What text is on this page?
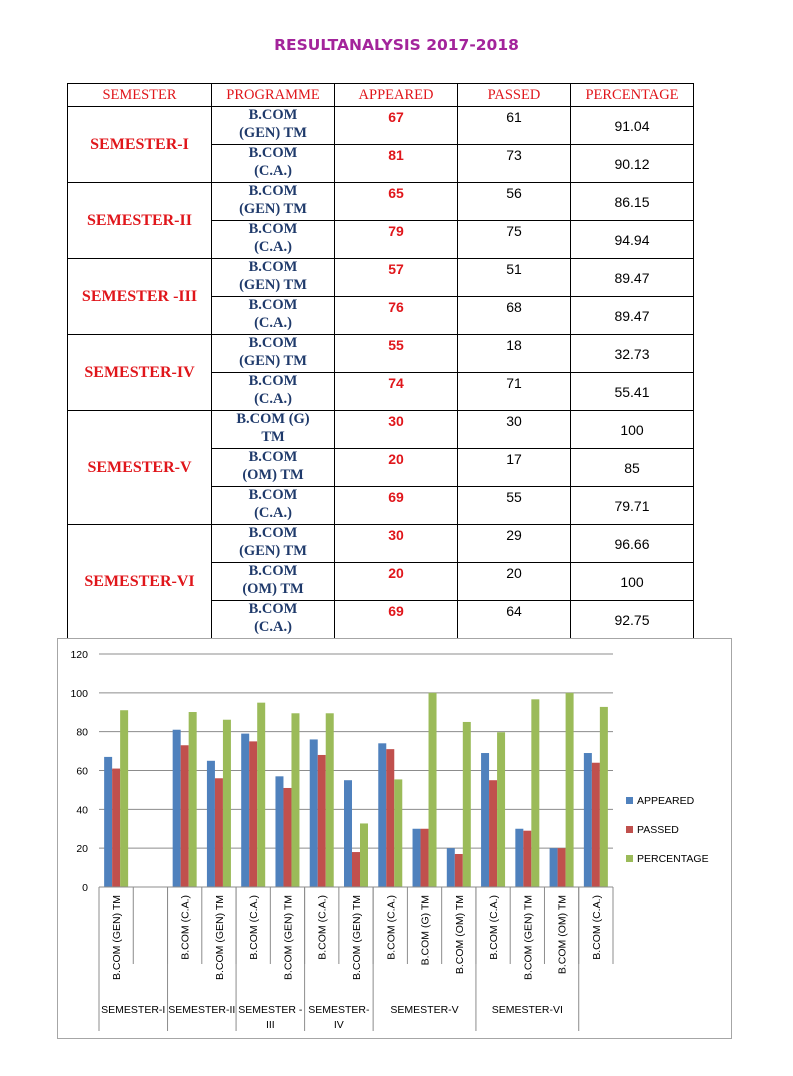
RESULTANALYSIS 2017-2018
SEMESTER	PROGRAMME	APPEARED	PASSED	PERCENTAGE
SEMESTER-I	B.COM
(GEN) TM	67	61	91.04

	B.COM
(C.A.)	81	73	90.12
SEMESTER-II	B.COM
(GEN) TM	65	56	86.15

	B.COM
(C.A.)	79	75	94.94
SEMESTER -III	B.COM
(GEN) TM	57	51	89.47

	B.COM
(C.A.)	76	68	89.47
SEMESTER-IV	B.COM
(GEN) TM	55	18	32.73

	B.COM
(C.A.)	74	71	55.41
SEMESTER-V	B.COM (G)
TM	30	30	100

	B.COM
(OM) TM	20	17	85

	B.COM
(C.A.)	69	55	79.71
SEMESTER-VI	B.COM
(GEN) TM	30	29	96.66

	B.COM
(OM) TM	20	20	100

	B.COM
(C.A.)	69	64	92.75
0
20
40
60
80
100
120
B.COM (GEN) TM	B.COM (C.A.) B.COM (GEN) TM B.COM (C.A.) B.COM (GEN) TM B.COM (C.A.) B.COM (GEN) TM B.COM (C.A.) B.COM (G) TM B.COM (OM) TM B.COM (C.A.) B.COM (GEN) TM B.COM (OM) TM B.COM (C.A.)
SEMESTER-I SEMESTER-II SEMESTER -
III
SEMESTER-
IV
SEMESTER-V	SEMESTER-VI
APPEARED
PASSED
PERCENTAGE
